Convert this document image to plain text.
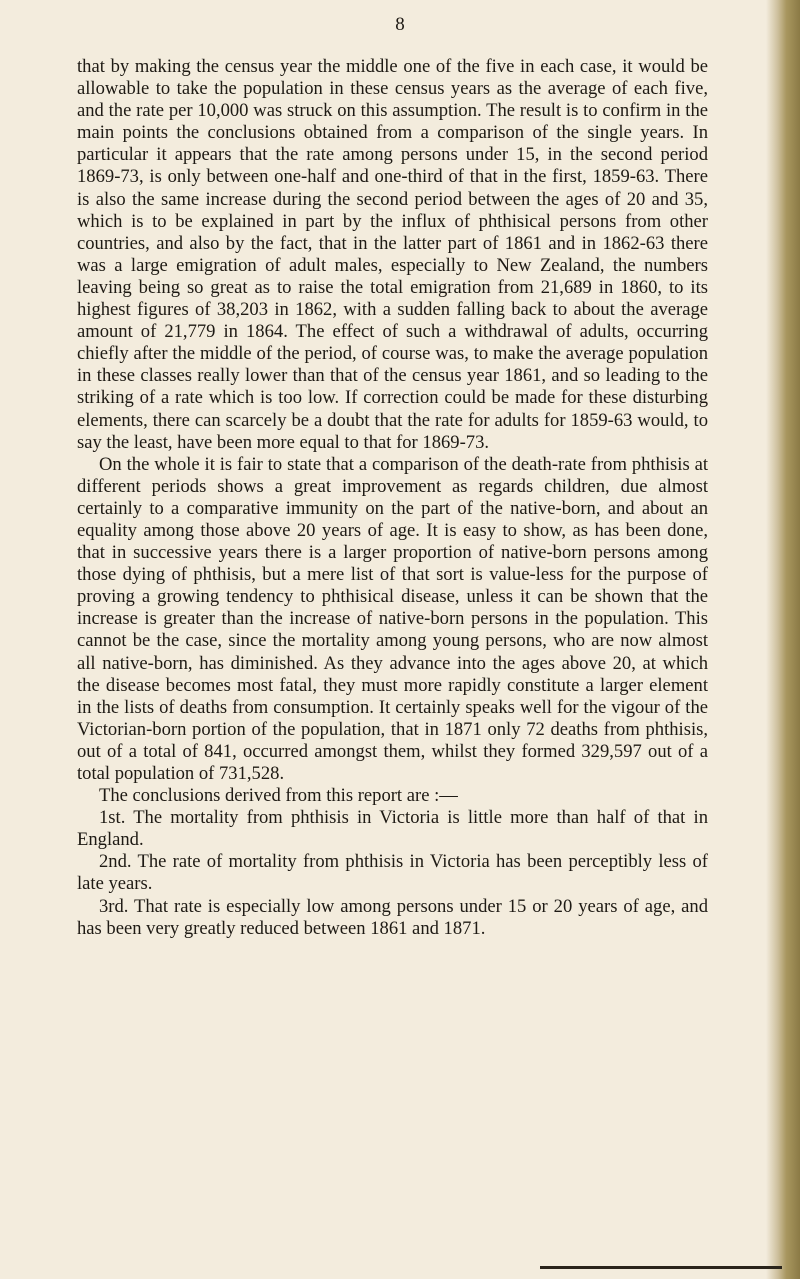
8

that by making the census year the middle one of the five in each case, it would be allowable to take the population in these census years as the average of each five, and the rate per 10,000 was struck on this assumption. The result is to confirm in the main points the conclusions obtained from a comparison of the single years. In particular it appears that the rate among persons under 15, in the second period 1869-73, is only between one-half and one-third of that in the first, 1859-63. There is also the same increase during the second period between the ages of 20 and 35, which is to be explained in part by the influx of phthisical persons from other countries, and also by the fact, that in the latter part of 1861 and in 1862-63 there was a large emigration of adult males, especially to New Zealand, the numbers leaving being so great as to raise the total emigration from 21,689 in 1860, to its highest figures of 38,203 in 1862, with a sudden falling back to about the average amount of 21,779 in 1864. The effect of such a withdrawal of adults, occurring chiefly after the middle of the period, of course was, to make the average population in these classes really lower than that of the census year 1861, and so leading to the striking of a rate which is too low. If correction could be made for these disturbing elements, there can scarcely be a doubt that the rate for adults for 1859-63 would, to say the least, have been more equal to that for 1869-73.

On the whole it is fair to state that a comparison of the death-rate from phthisis at different periods shows a great improvement as regards children, due almost certainly to a comparative immunity on the part of the native-born, and about an equality among those above 20 years of age. It is easy to show, as has been done, that in successive years there is a larger proportion of native-born persons among those dying of phthisis, but a mere list of that sort is value-less for the purpose of proving a growing tendency to phthisical disease, unless it can be shown that the increase is greater than the increase of native-born persons in the population. This cannot be the case, since the mortality among young persons, who are now almost all native-born, has diminished. As they advance into the ages above 20, at which the disease becomes most fatal, they must more rapidly constitute a larger element in the lists of deaths from consumption. It certainly speaks well for the vigour of the Victorian-born portion of the population, that in 1871 only 72 deaths from phthisis, out of a total of 841, occurred amongst them, whilst they formed 329,597 out of a total population of 731,528.

The conclusions derived from this report are :—

1st. The mortality from phthisis in Victoria is little more than half of that in England.

2nd. The rate of mortality from phthisis in Victoria has been perceptibly less of late years.

3rd. That rate is especially low among persons under 15 or 20 years of age, and has been very greatly reduced between 1861 and 1871.
